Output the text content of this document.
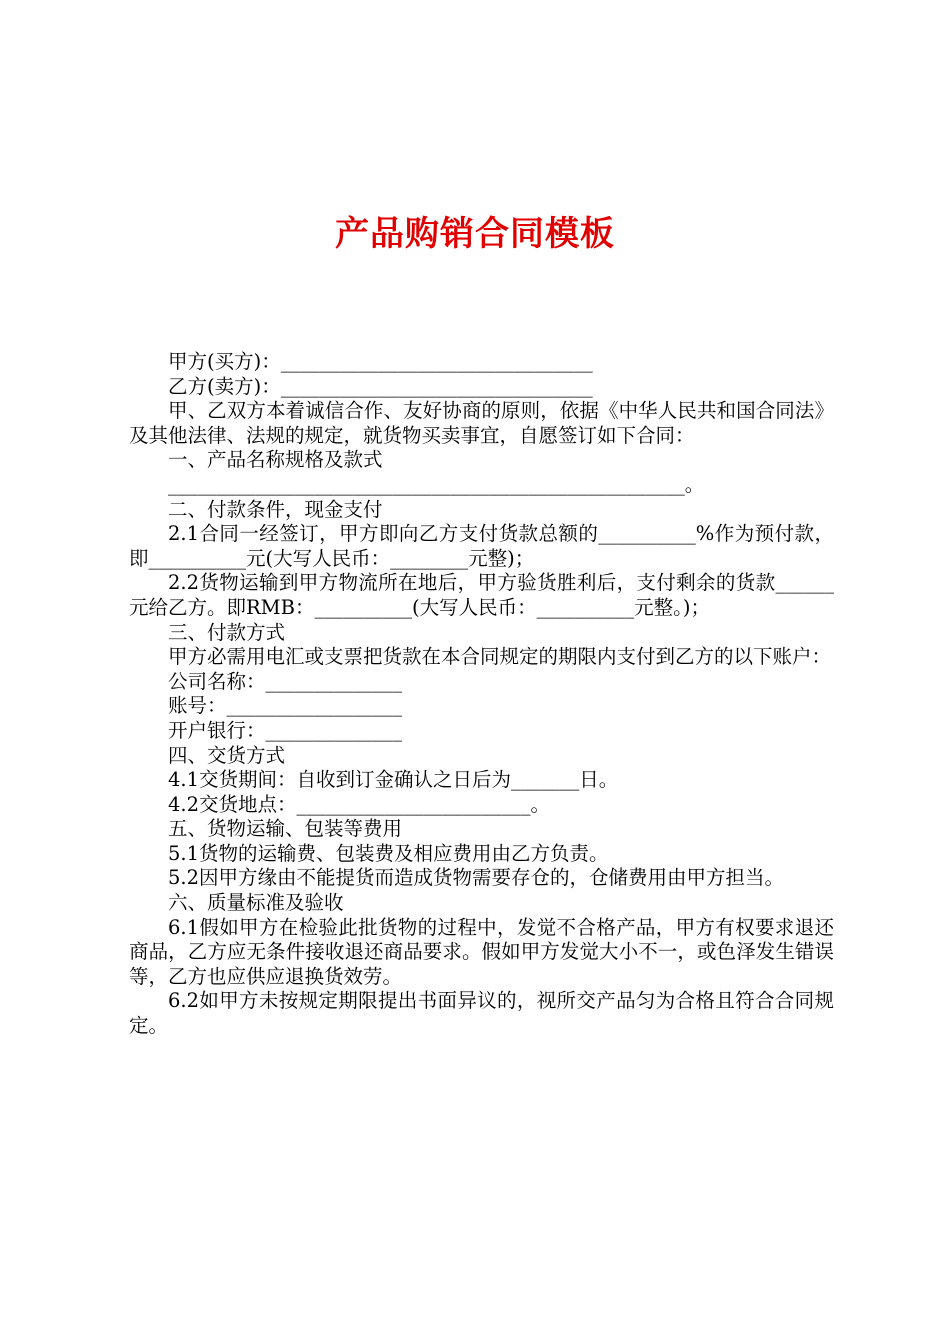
产品购销合同模板

甲方(买方)：________________________________

乙方(卖方)：________________________________

甲、乙双方本着诚信合作、友好协商的原则，依据《中华人民共和国合同法》及其他法律、法规的规定，就货物买卖事宜，自愿签订如下合同：

一、产品名称规格及款式

_____________________________________________________。

二、付款条件，现金支付

2.1合同一经签订，甲方即向乙方支付货款总额的__________%作为预付款，即__________元(大写人民币：________元整)；

2.2货物运输到甲方物流所在地后，甲方验货胜利后，支付剩余的货款______元给乙方。即RMB：__________(大写人民币：__________元整。)；

三、付款方式

甲方必需用电汇或支票把货款在本合同规定的期限内支付到乙方的以下账户：

公司名称：______________

账号：__________________

开户银行：______________

四、交货方式

4.1交货期间：自收到订金确认之日后为_______日。

4.2交货地点：________________________。

五、货物运输、包装等费用

5.1货物的运输费、包装费及相应费用由乙方负责。

5.2因甲方缘由不能提货而造成货物需要存仓的，仓储费用由甲方担当。

六、质量标准及验收

6.1假如甲方在检验此批货物的过程中，发觉不合格产品，甲方有权要求退还商品，乙方应无条件接收退还商品要求。假如甲方发觉大小不一，或色泽发生错误等，乙方也应供应退换货效劳。

6.2如甲方未按规定期限提出书面异议的，视所交产品匀为合格且符合合同规定。
